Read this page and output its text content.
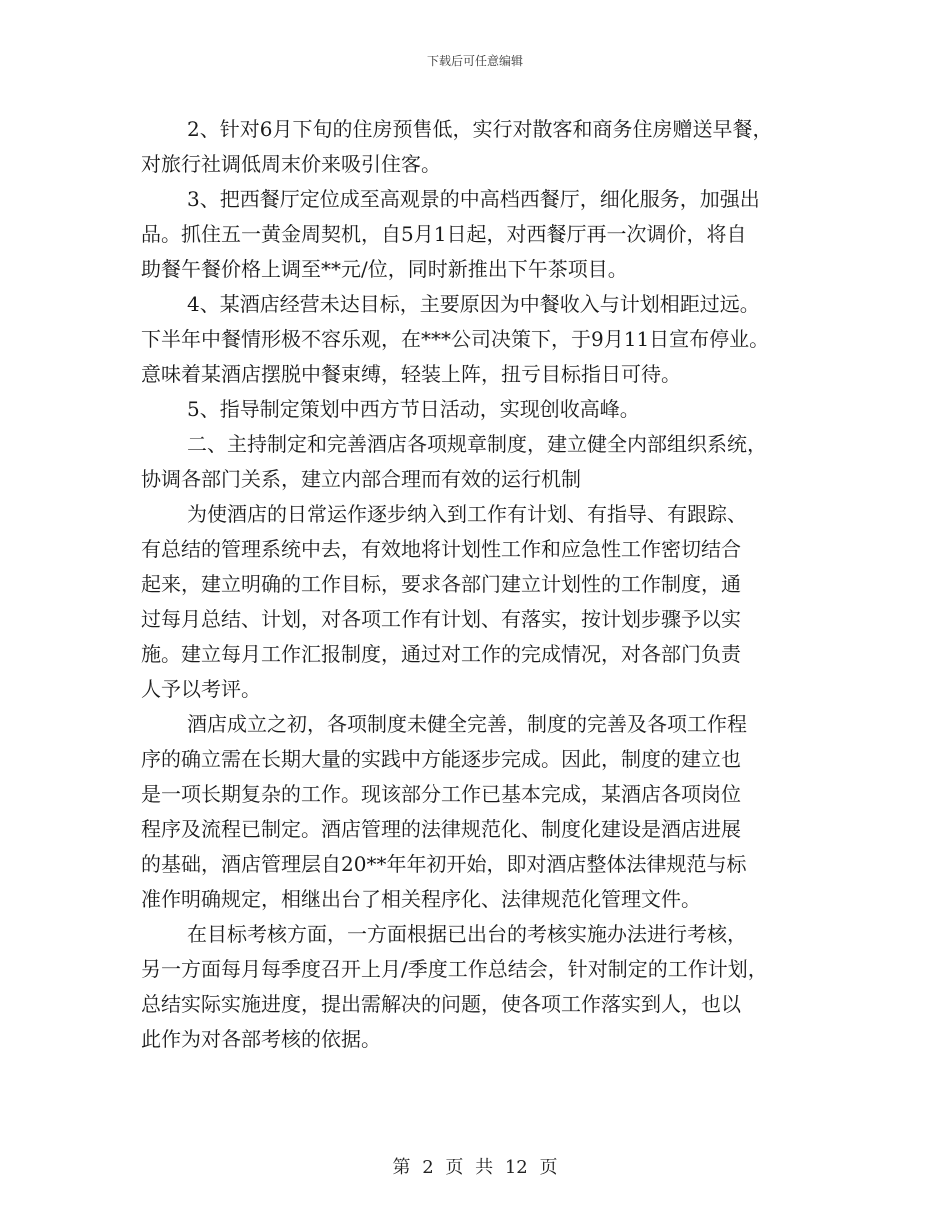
下载后可任意编辑
2、针对6月下旬的住房预售低，实行对散客和商务住房赠送早餐，
对旅行社调低周末价来吸引住客。
3、把西餐厅定位成至高观景的中高档西餐厅，细化服务，加强出
品。抓住五一黄金周契机，自5月1日起，对西餐厅再一次调价，将自
助餐午餐价格上调至**元/位，同时新推出下午茶项目。
4、某酒店经营未达目标，主要原因为中餐收入与计划相距过远。
下半年中餐情形极不容乐观，在***公司决策下，于9月11日宣布停业。
意味着某酒店摆脱中餐束缚，轻装上阵，扭亏目标指日可待。
5、指导制定策划中西方节日活动，实现创收高峰。
二、主持制定和完善酒店各项规章制度，建立健全内部组织系统，
协调各部门关系，建立内部合理而有效的运行机制
为使酒店的日常运作逐步纳入到工作有计划、有指导、有跟踪、
有总结的管理系统中去，有效地将计划性工作和应急性工作密切结合
起来，建立明确的工作目标，要求各部门建立计划性的工作制度，通
过每月总结、计划，对各项工作有计划、有落实，按计划步骤予以实
施。建立每月工作汇报制度，通过对工作的完成情况，对各部门负责
人予以考评。
酒店成立之初，各项制度未健全完善，制度的完善及各项工作程
序的确立需在长期大量的实践中方能逐步完成。因此，制度的建立也
是一项长期复杂的工作。现该部分工作已基本完成，某酒店各项岗位
程序及流程已制定。酒店管理的法律规范化、制度化建设是酒店进展
的基础，酒店管理层自20**年年初开始，即对酒店整体法律规范与标
准作明确规定，相继出台了相关程序化、法律规范化管理文件。
在目标考核方面，一方面根据已出台的考核实施办法进行考核，
另一方面每月每季度召开上月/季度工作总结会，针对制定的工作计划，
总结实际实施进度，提出需解决的问题，使各项工作落实到人，也以
此作为对各部考核的依据。
第 2 页 共 12 页
